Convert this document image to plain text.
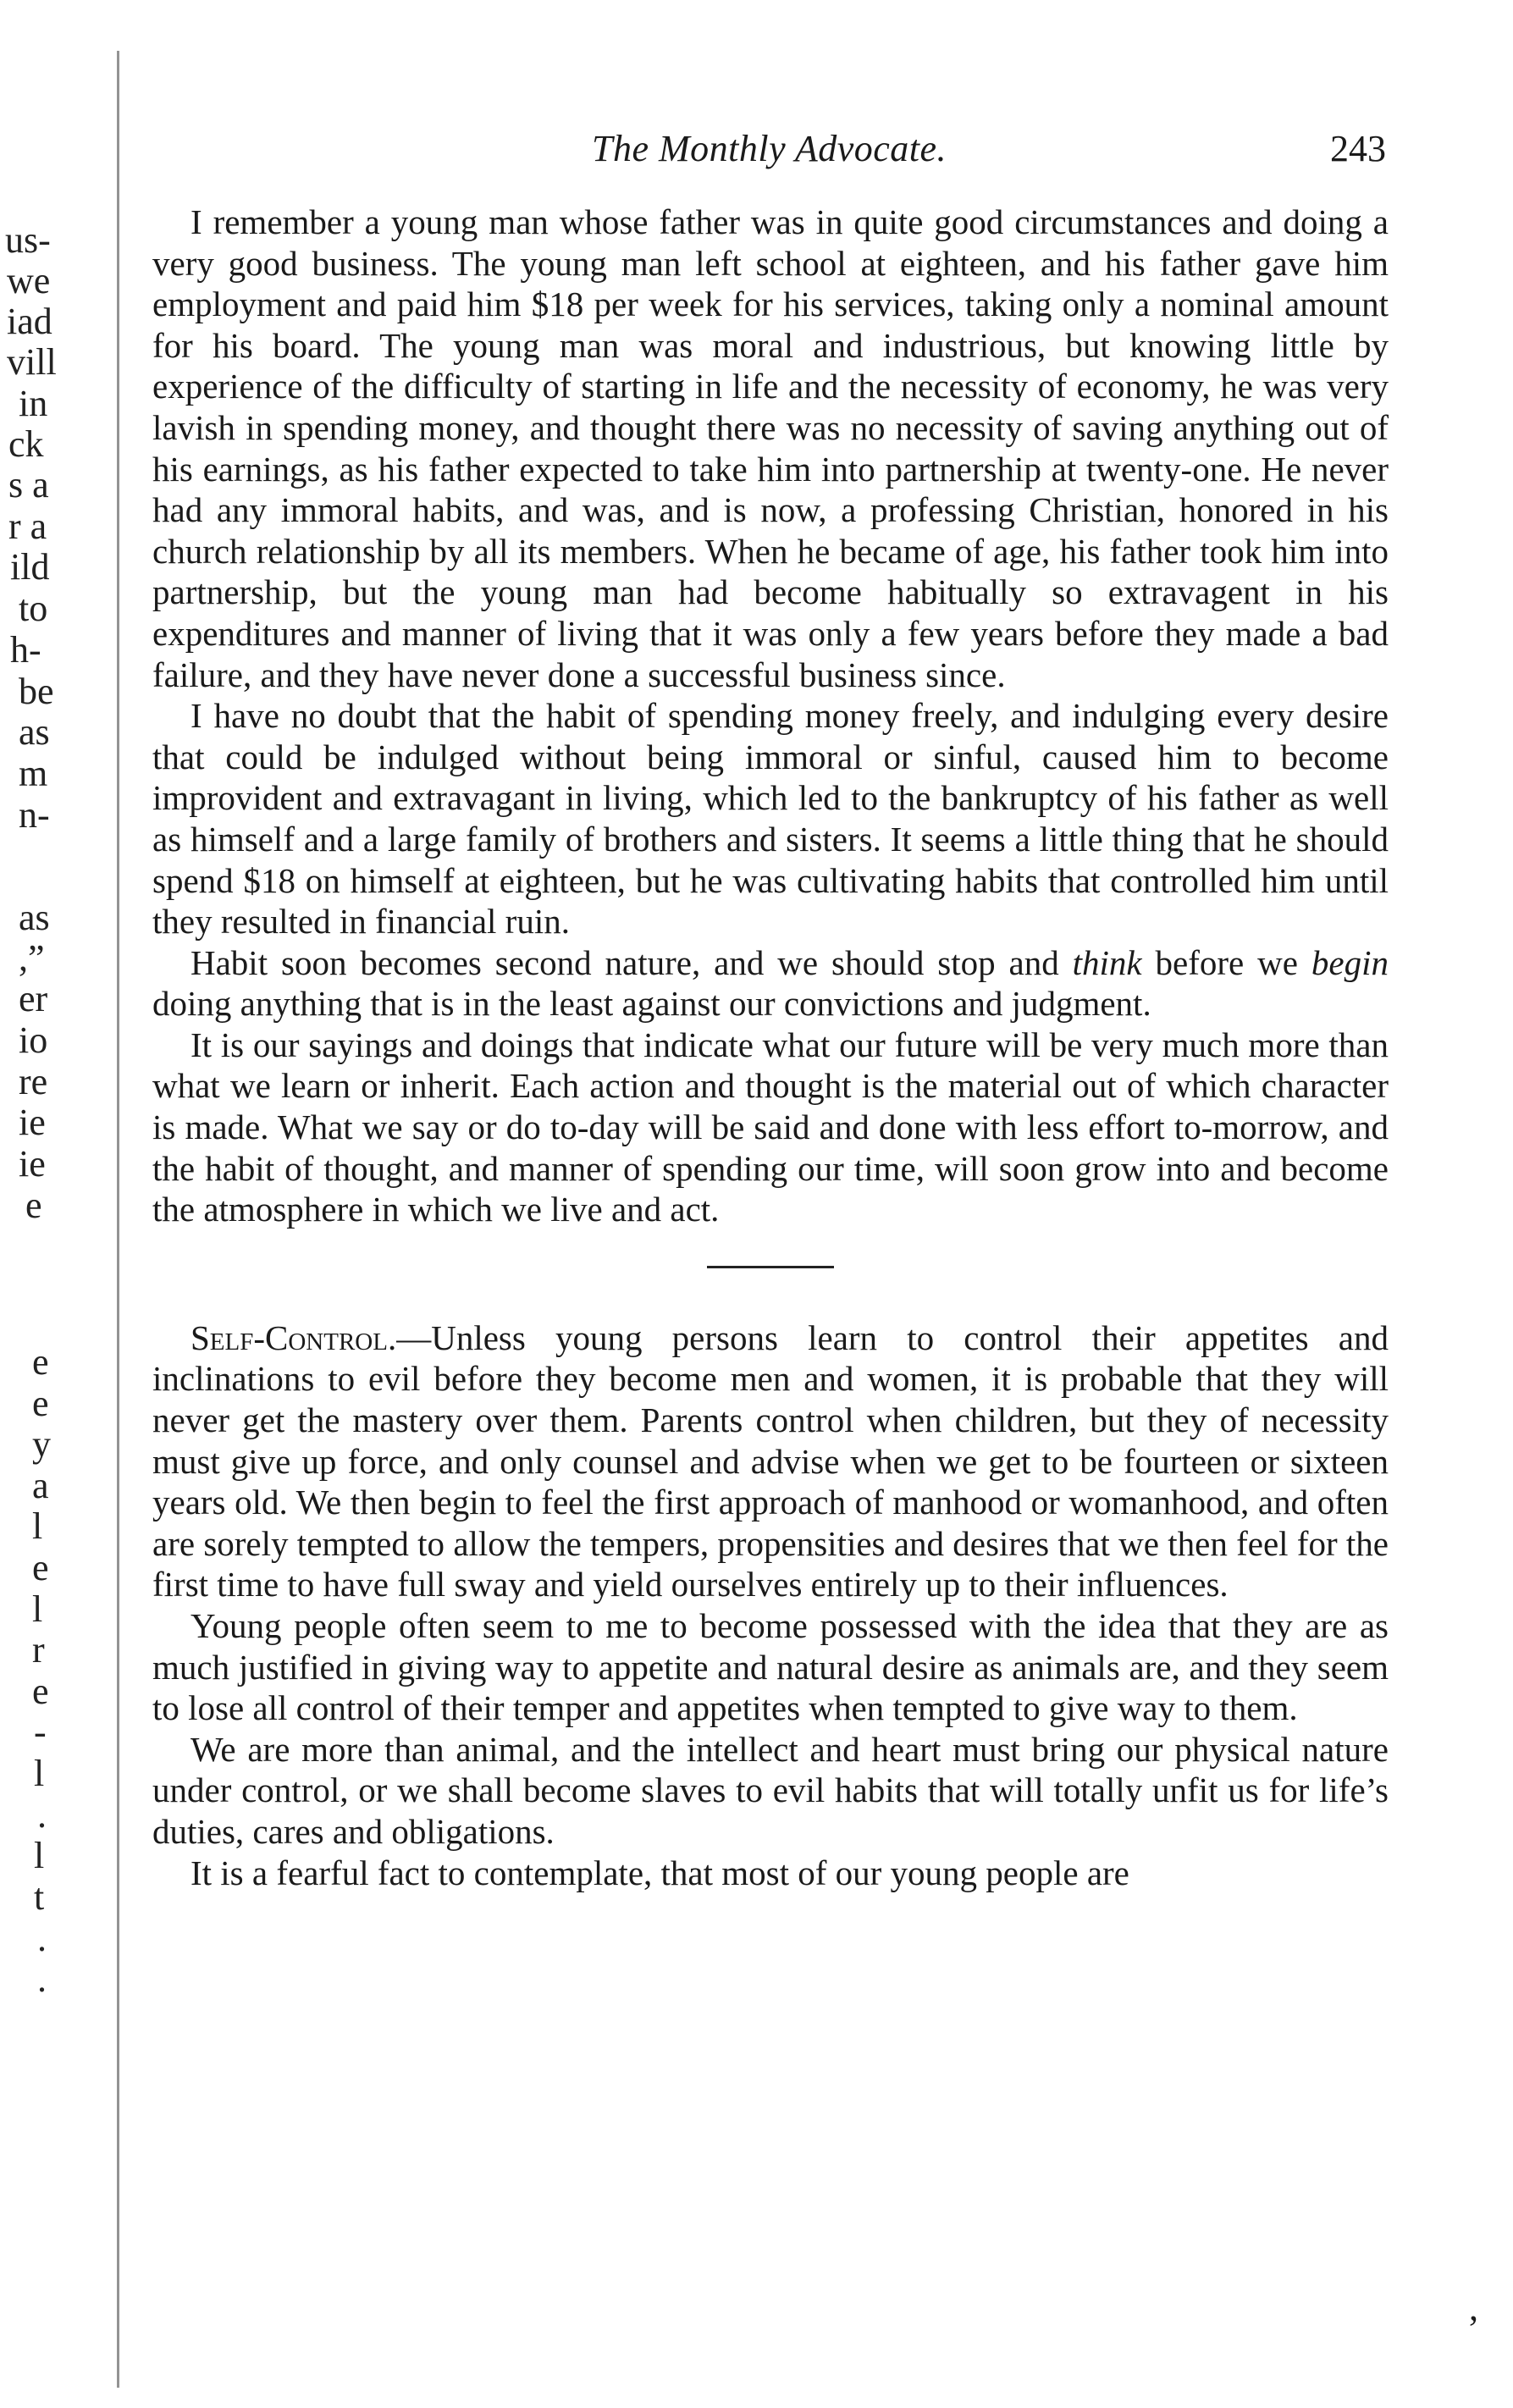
us-
we
iad
vill
in
ck
s a
r a
ild
to
h-
be
as
m
n-
as
,”
er
io
re
ie
ie
e
e
e
y
a
l
e
l
r
e
-
l
.
l
t
.
.
The Monthly Advocate.	243

I remember a young man whose father was in quite good circumstances and doing a very good business. The young man left school at eighteen, and his father gave him employment and paid him $18 per week for his services, taking only a nominal amount for his board. The young man was moral and industrious, but knowing little by experience of the difficulty of starting in life and the necessity of economy, he was very lavish in spending money, and thought there was no necessity of saving anything out of his earnings, as his father expected to take him into partnership at twenty-one. He never had any immoral habits, and was, and is now, a professing Christian, honored in his church relationship by all its members. When he became of age, his father took him into partnership, but the young man had become habitually so extravagent in his expenditures and manner of living that it was only a few years before they made a bad failure, and they have never done a successful business since.

I have no doubt that the habit of spending money freely, and indulging every desire that could be indulged without being immoral or sinful, caused him to become improvident and extravagant in living, which led to the bankruptcy of his father as well as himself and a large family of brothers and sisters. It seems a little thing that he should spend $18 on himself at eighteen, but he was cultivating habits that controlled him until they resulted in financial ruin.

Habit soon becomes second nature, and we should stop and think before we begin doing anything that is in the least against our convictions and judgment.

It is our sayings and doings that indicate what our future will be very much more than what we learn or inherit. Each action and thought is the material out of which character is made. What we say or do to-day will be said and done with less effort to-morrow, and the habit of thought, and manner of spending our time, will soon grow into and become the atmosphere in which we live and act.

Self-Control.—Unless young persons learn to control their appetites and inclinations to evil before they become men and women, it is probable that they will never get the mastery over them. Parents control when children, but they of necessity must give up force, and only counsel and advise when we get to be fourteen or sixteen years old. We then begin to feel the first approach of manhood or womanhood, and often are sorely tempted to allow the tempers, propensities and desires that we then feel for the first time to have full sway and yield ourselves entirely up to their influences.

Young people often seem to me to become possessed with the idea that they are as much justified in giving way to appetite and natural desire as animals are, and they seem to lose all control of their temper and appetites when tempted to give way to them.

We are more than animal, and the intellect and heart must bring our physical nature under control, or we shall become slaves to evil habits that will totally unfit us for life’s duties, cares and obligations.

It is a fearful fact to contemplate, that most of our young people are

,
